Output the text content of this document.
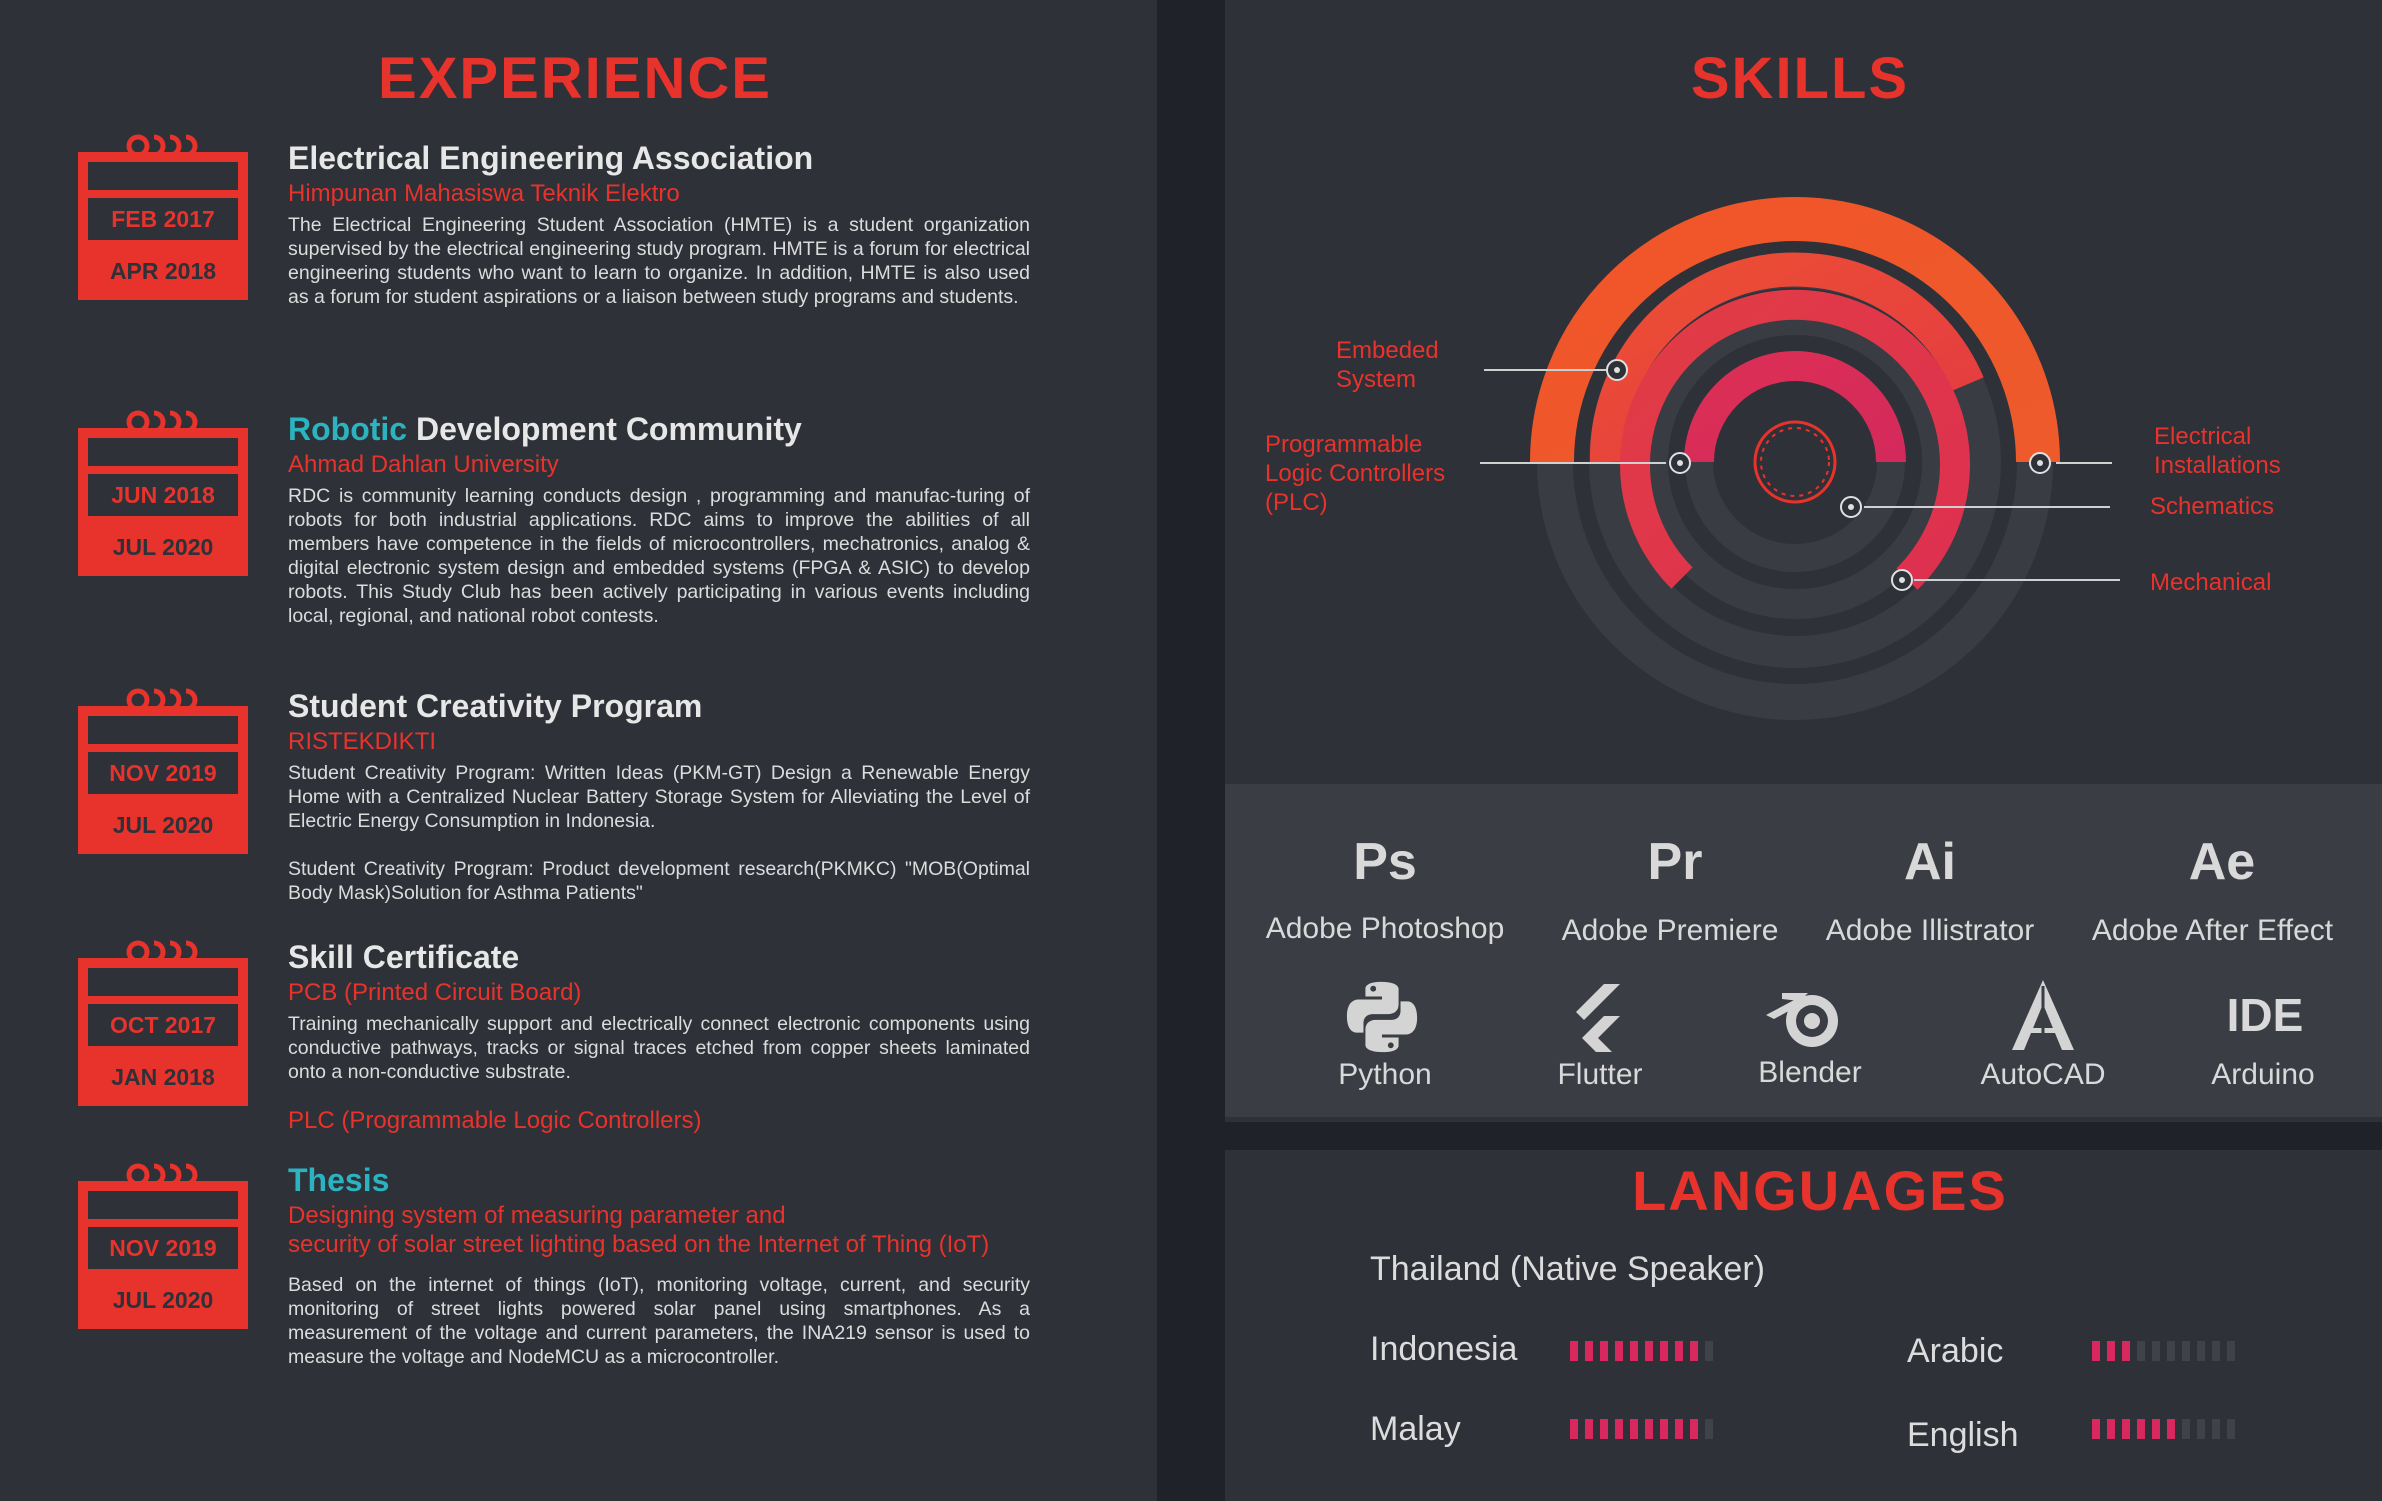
EXPERIENCE
FEB 2017
APR 2018
JUN 2018
JUL 2020
NOV 2019
JUL 2020
OCT 2017
JAN 2018
NOV 2019
JUL 2020
Electrical Engineering Association
Himpunan Mahasiswa Teknik Elektro
The Electrical Engineering Student Association (HMTE) is a student organization supervised by the electrical engineering study program. HMTE is a forum for electrical engineering students who want to learn to organize. In addition, HMTE is also used as a forum for student aspirations or a liaison between study programs and students.
Robotic Development Community
Ahmad Dahlan University
RDC is community learning conducts design , programming and manufac-turing of robots for both industrial applications. RDC aims to improve the abilities of all members have competence in the fields of microcontrollers, mechatronics, analog & digital electronic system design and embedded systems (FPGA & ASIC) to develop robots. This Study Club has been actively participating in various events including local, regional, and national robot contests.
Student Creativity Program
RISTEKDIKTI
Student Creativity Program: Written Ideas (PKM-GT) Design a Renewable Energy Home with a Centralized Nuclear Battery Storage System for Alleviating the Level of Electric Energy Consumption in Indonesia.
Student Creativity Program: Product development research(PKMKC) "MOB(Optimal Body Mask)Solution for Asthma Patients"
Skill Certificate
PCB (Printed Circuit Board)
Training mechanically support and electrically connect electronic components using conductive pathways, tracks or signal traces etched from copper sheets laminated onto a non-conductive substrate.
PLC (Programmable Logic Controllers)
Thesis
Designing system of measuring parameter and
security of solar street lighting based on the Internet of Thing (IoT)
Based on the internet of things (IoT), monitoring voltage, current, and security monitoring of street lights powered solar panel using smartphones. As a measurement of the voltage and current parameters, the INA219 sensor is used to measure the voltage and NodeMCU as a microcontroller.
SKILLS
Embeded
System
Programmable
Logic Controllers
(PLC)
Electrical
Installations
Schematics
Mechanical
Ps	Pr	Ai	Ae
Adobe Photoshop	Adobe Premiere	Adobe Illistrator	Adobe After Effect
IDE
Python	Flutter	Blender	AutoCAD	Arduino
LANGUAGES
Thailand (Native Speaker)
Indonesia
Malay
Arabic
English
